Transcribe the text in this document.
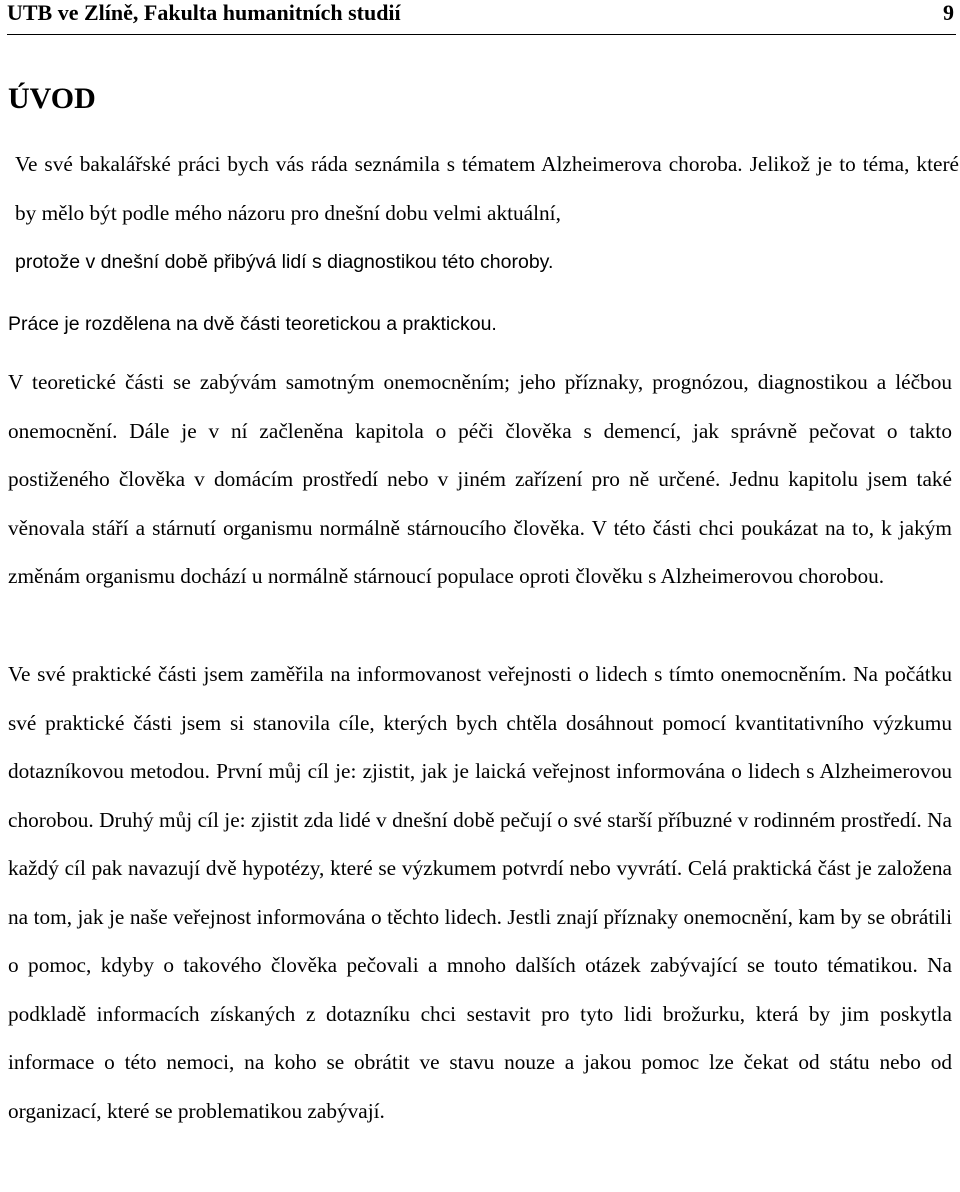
UTB ve Zlíně, Fakulta humanitních studií	9
ÚVOD

Ve své bakalářské práci bych vás ráda seznámila s tématem Alzheimerova choroba. Jelikož je to téma, které by mělo být podle mého názoru pro dnešní dobu velmi aktuální,
protože v dnešní době přibývá lidí s diagnostikou této choroby.

Práce je rozdělena na dvě části teoretickou a praktickou.

V teoretické části se zabývám samotným onemocněním; jeho příznaky, prognózou, diagnostikou a léčbou onemocnění. Dále je v ní začleněna kapitola o péči člověka s demencí, jak správně pečovat o takto postiženého člověka v domácím prostředí nebo v jiném zařízení pro ně určené. Jednu kapitolu jsem také věnovala stáří a stárnutí organismu normálně stárnoucího člověka. V této části chci poukázat na to, k jakým změnám organismu dochází u normálně stárnoucí populace oproti člověku s Alzheimerovou chorobou.

Ve své praktické části jsem zaměřila na informovanost veřejnosti o lidech s tímto onemocněním. Na počátku své praktické části jsem si stanovila cíle, kterých bych chtěla dosáhnout pomocí kvantitativního výzkumu dotazníkovou metodou. První můj cíl je: zjistit, jak je laická veřejnost informována o lidech s Alzheimerovou chorobou. Druhý můj cíl je: zjistit zda lidé v dnešní době pečují o své starší příbuzné v rodinném prostředí. Na každý cíl pak navazují dvě hypotézy, které se výzkumem potvrdí nebo vyvrátí. Celá praktická část je založena na tom, jak je naše veřejnost informována o těchto lidech. Jestli znají příznaky onemocnění, kam by se obrátili o pomoc, kdyby o takového člověka pečovali a mnoho dalších otázek zabývající se touto tématikou. Na podkladě informacích získaných z dotazníku chci sestavit pro tyto lidi brožurku, která by jim poskytla informace o této nemoci, na koho se obrátit ve stavu nouze a jakou pomoc lze čekat od státu nebo od organizací, které se problematikou zabývají.
